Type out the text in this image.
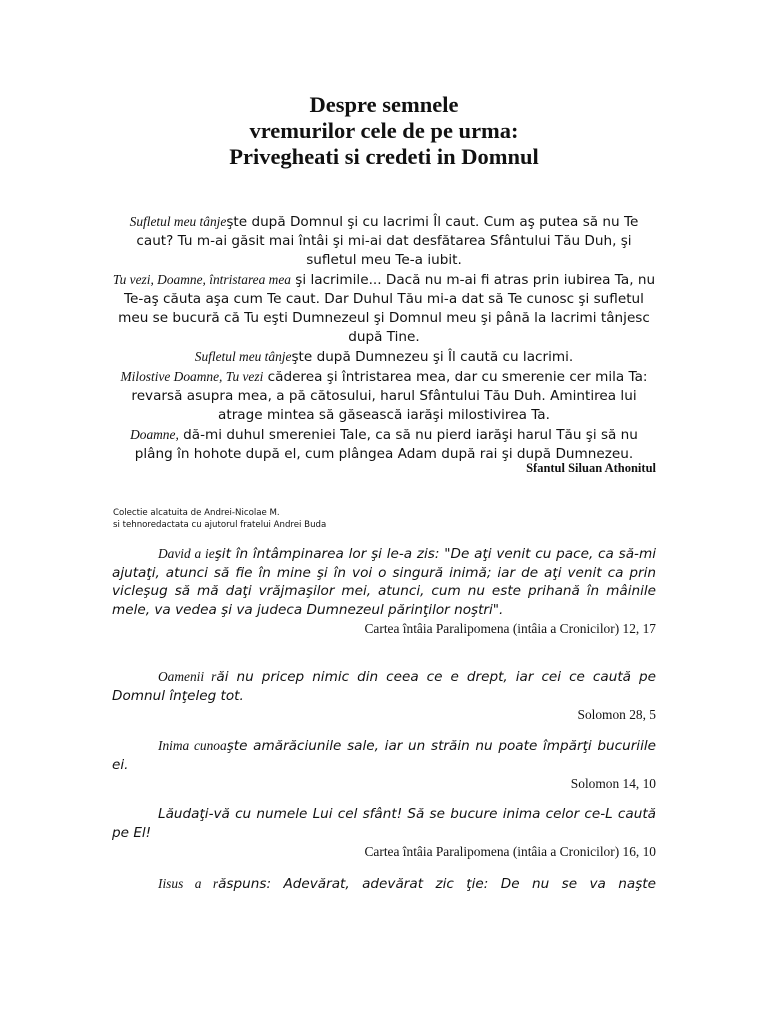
Despre semnele
vremurilor cele de pe urma:
Privegheati si credeti in Domnul
Sufletul meu tânjeşte după Domnul şi cu lacrimi Îl caut. Cum aş putea să nu Te caut? Tu m-ai găsit mai întâi şi mi-ai dat desfătarea Sfântului Tău Duh, şi sufletul meu Te-a iubit.
Tu vezi, Doamne, întristarea mea şi lacrimile... Dacă nu m-ai fi atras prin iubirea Ta, nu Te-aş căuta aşa cum Te caut. Dar Duhul Tău mi-a dat să Te cunosc şi sufletul meu se bucură că Tu eşti Dumnezeul şi Domnul meu şi până la lacrimi tânjesc după Tine.
Sufletul meu tânjeşte după Dumnezeu şi Îl caută cu lacrimi.
Milostive Doamne, Tu vezi căderea şi întristarea mea, dar cu smerenie cer mila Ta: revarsă asupra mea, a pă cătosului, harul Sfântului Tău Duh. Amintirea lui atrage mintea să găsească iarăşi milostivirea Ta.
Doamne, dă-mi duhul smereniei Tale, ca să nu pierd iarăşi harul Tău şi să nu plâng în hohote după el, cum plângea Adam după rai şi după Dumnezeu.
Sfantul Siluan Athonitul
Colectie alcatuita de Andrei-Nicolae M.
si tehnoredactata cu ajutorul fratelui Andrei Buda
David a ieşit în întâmpinarea lor şi le-a zis: "De aţi venit cu pace, ca să-mi ajutaţi, atunci să fie în mine şi în voi o singură inimă; iar de aţi venit ca prin vicleşug să mă daţi vrăjmaşilor mei, atunci, cum nu este prihană în mâinile mele, va vedea şi va judeca Dumnezeul părinţilor noştri".
Cartea întâia Paralipomena (intâia a Cronicilor) 12, 17
Oamenii răi nu pricep nimic din ceea ce e drept, iar cei ce caută pe Domnul înţeleg tot.
Solomon 28, 5
Inima cunoaşte amărăciunile sale, iar un străin nu poate împărţi bucuriile ei.
Solomon 14, 10
Lăudaţi-vă cu numele Lui cel sfânt! Să se bucure inima celor ce-L caută pe El!
Cartea întâia Paralipomena (intâia a Cronicilor) 16, 10
Iisus a răspuns: Adevărat, adevărat zic ţie: De nu se va naşte
